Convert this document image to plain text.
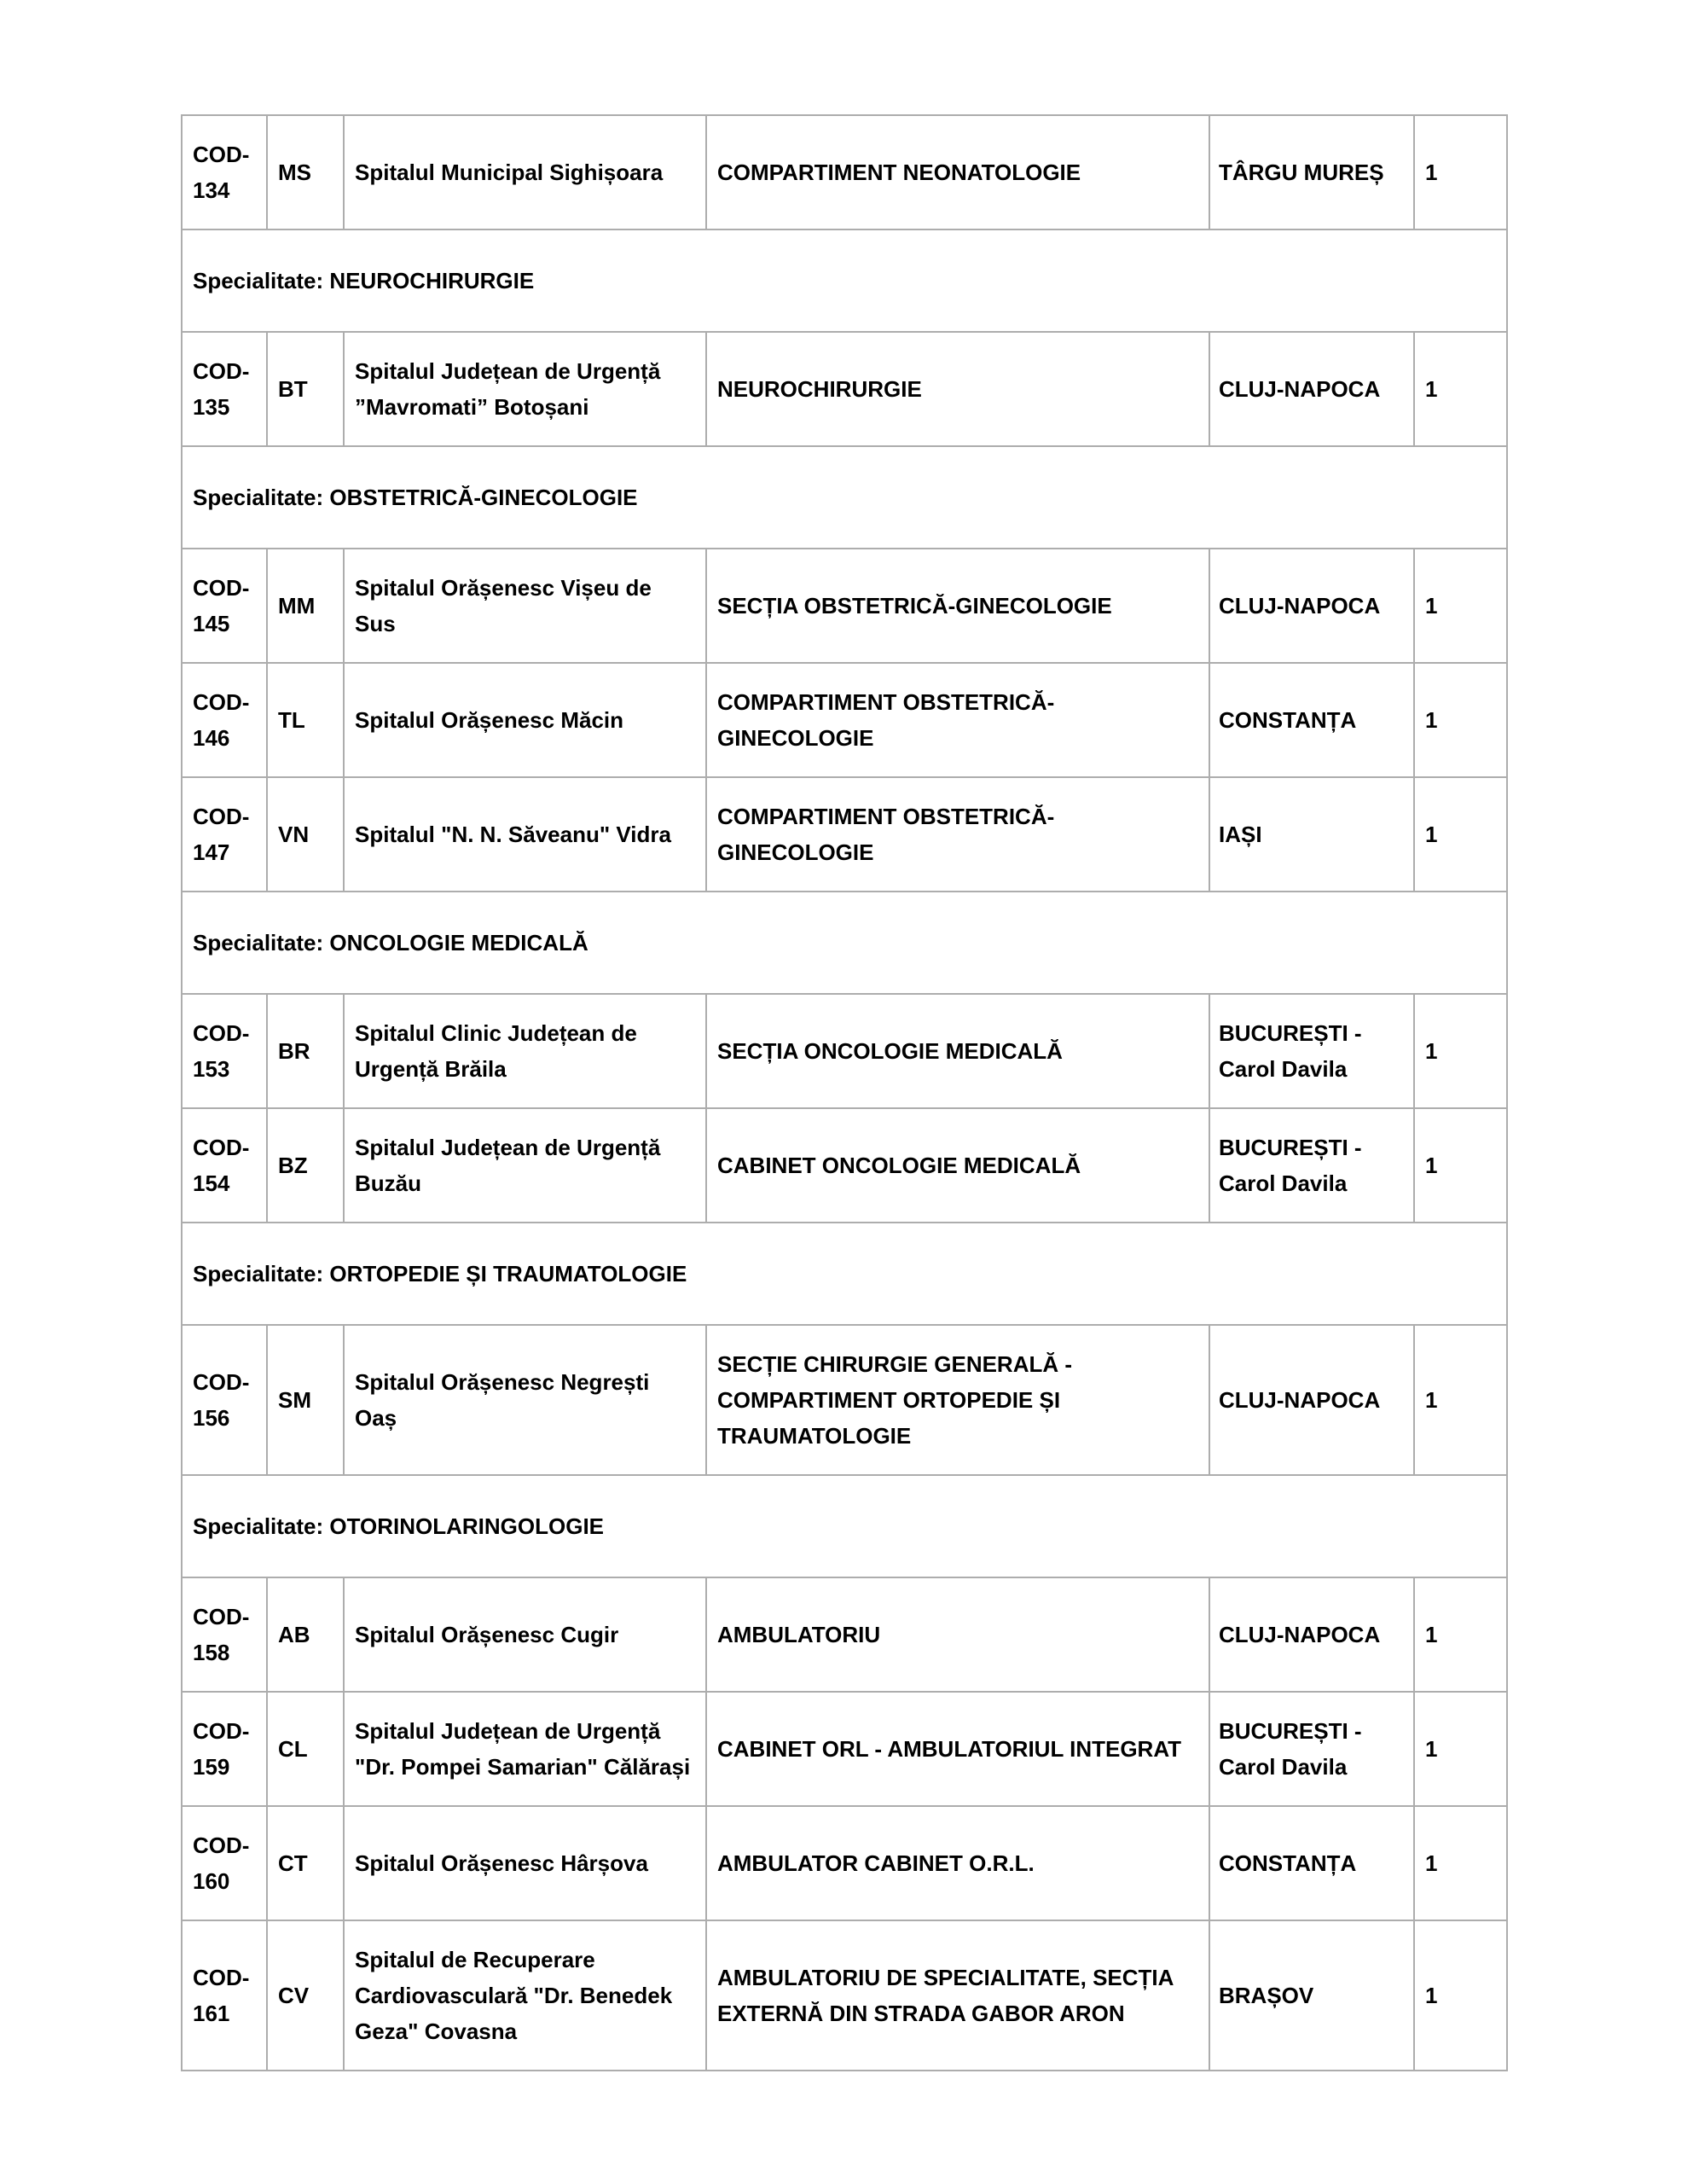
COD-134	MS	Spitalul Municipal Sighișoara	COMPARTIMENT NEONATOLOGIE	TÂRGU MUREȘ	1
Specialitate: NEUROCHIRURGIE					
COD-135	BT	Spitalul Județean de Urgență ”Mavromati” Botoșani	NEUROCHIRURGIE	CLUJ-NAPOCA	1
Specialitate: OBSTETRICĂ-GINECOLOGIE					
COD-145	MM	Spitalul Orășenesc Vișeu de Sus	SECȚIA OBSTETRICĂ-GINECOLOGIE	CLUJ-NAPOCA	1
COD-146	TL	Spitalul Orășenesc Măcin	COMPARTIMENT OBSTETRICĂ-GINECOLOGIE	CONSTANȚA	1
COD-147	VN	Spitalul "N. N. Săveanu" Vidra	COMPARTIMENT OBSTETRICĂ-GINECOLOGIE	IAȘI	1
Specialitate: ONCOLOGIE MEDICALĂ					
COD-153	BR	Spitalul Clinic Județean de Urgență Brăila	SECȚIA ONCOLOGIE MEDICALĂ	BUCUREȘTI - Carol Davila	1
COD-154	BZ	Spitalul Județean de Urgență Buzău	CABINET ONCOLOGIE MEDICALĂ	BUCUREȘTI - Carol Davila	1
Specialitate: ORTOPEDIE ȘI TRAUMATOLOGIE					
COD-156	SM	Spitalul Orășenesc Negrești Oaș	SECȚIE CHIRURGIE GENERALĂ - COMPARTIMENT ORTOPEDIE ȘI TRAUMATOLOGIE	CLUJ-NAPOCA	1
Specialitate: OTORINOLARINGOLOGIE					
COD-158	AB	Spitalul Orășenesc Cugir	AMBULATORIU	CLUJ-NAPOCA	1
COD-159	CL	Spitalul Județean de Urgență "Dr. Pompei Samarian" Călărași	CABINET ORL - AMBULATORIUL INTEGRAT	BUCUREȘTI - Carol Davila	1
COD-160	CT	Spitalul Orășenesc Hârșova	AMBULATOR CABINET O.R.L.	CONSTANȚA	1
COD-161	CV	Spitalul de Recuperare Cardiovasculară "Dr. Benedek Geza" Covasna	AMBULATORIU DE SPECIALITATE, SECȚIA EXTERNĂ DIN STRADA GABOR ARON	BRAȘOV	1
